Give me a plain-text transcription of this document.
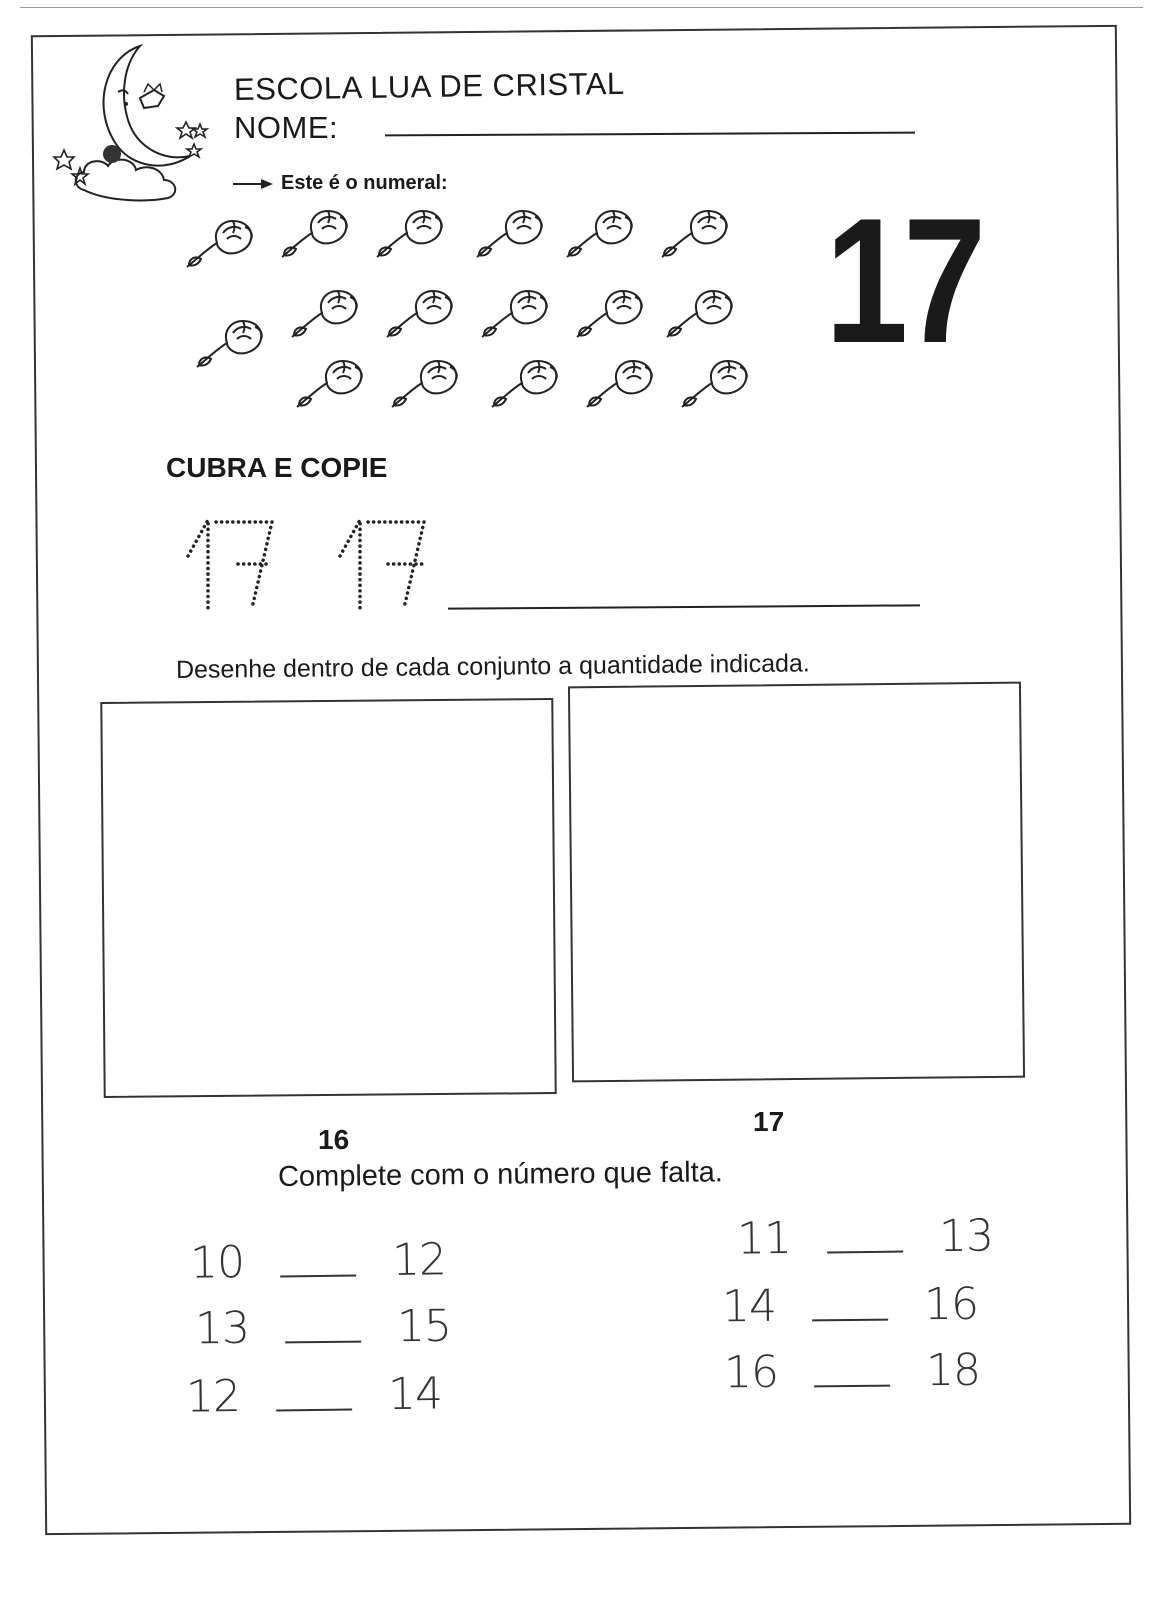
ESCOLA LUA DE CRISTAL
NOME:
Este é o numeral: 17
CUBRA E COPIE
Desenhe dentro de cada conjunto a quantidade indicada.
16
17
Complete com o número que falta.
10	12
13	15
12	14
11	13
14	16
16	18
